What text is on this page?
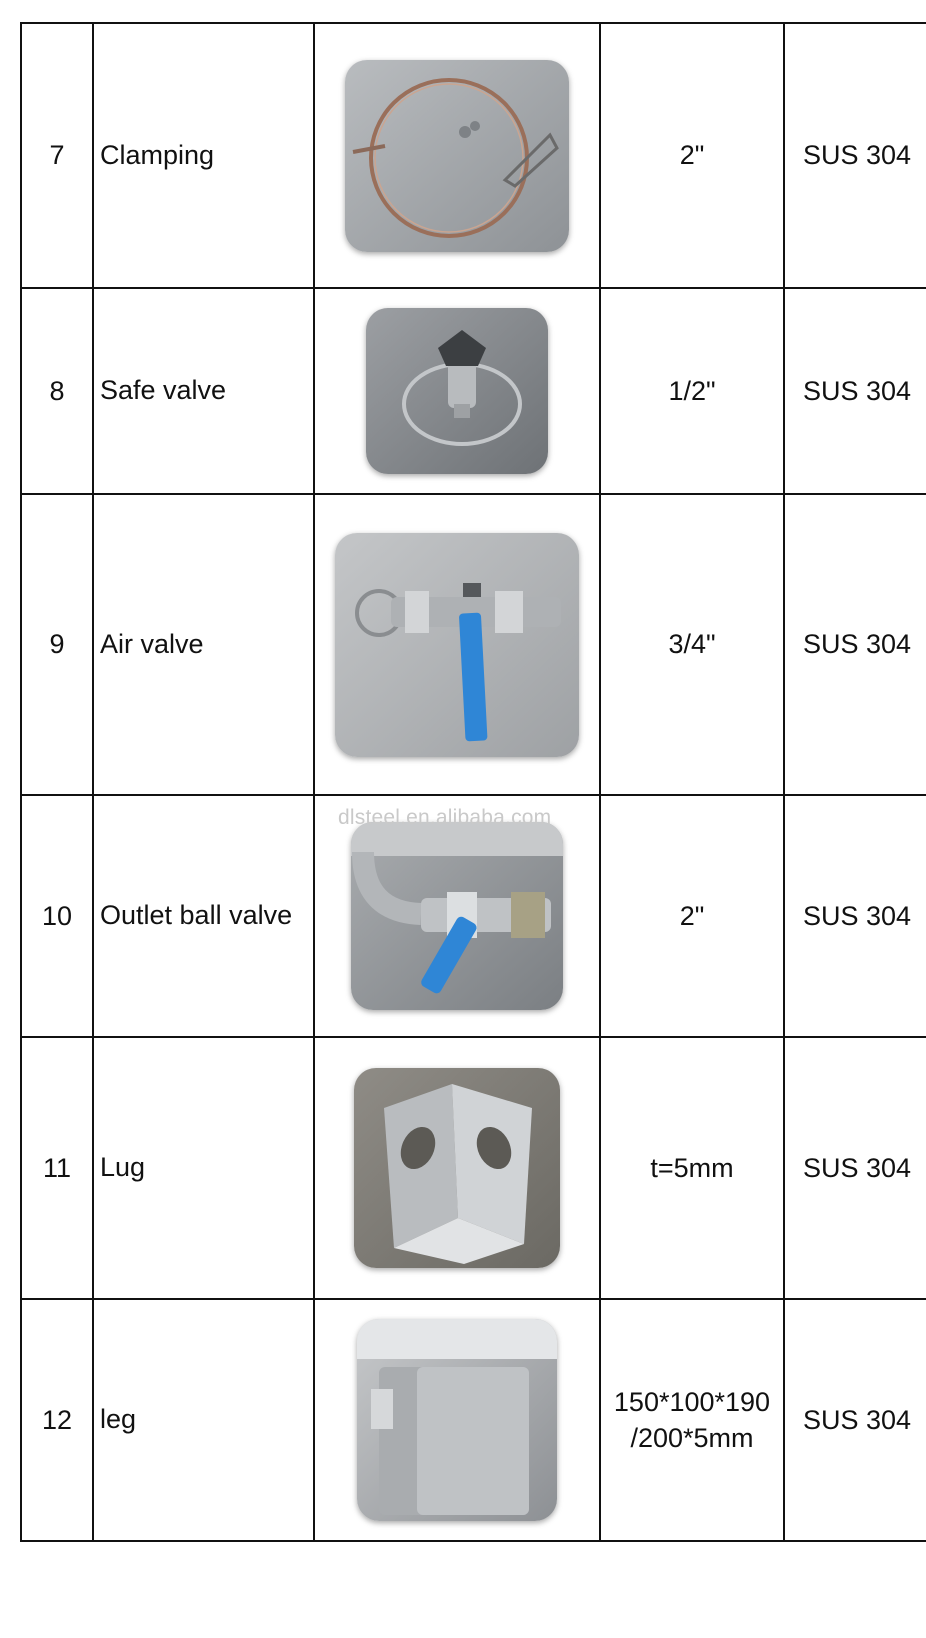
7	Clamping		2"	SUS 304	
8	Safe valve		1/2"	SUS 304	
9	Air valve		3/4"	SUS 304	
10	Outlet ball valve		2"	SUS 304	
11	Lug		t=5mm	SUS 304	
12	leg		150*100*190 /200*5mm	SUS 304	
dlsteel.en.alibaba.com
